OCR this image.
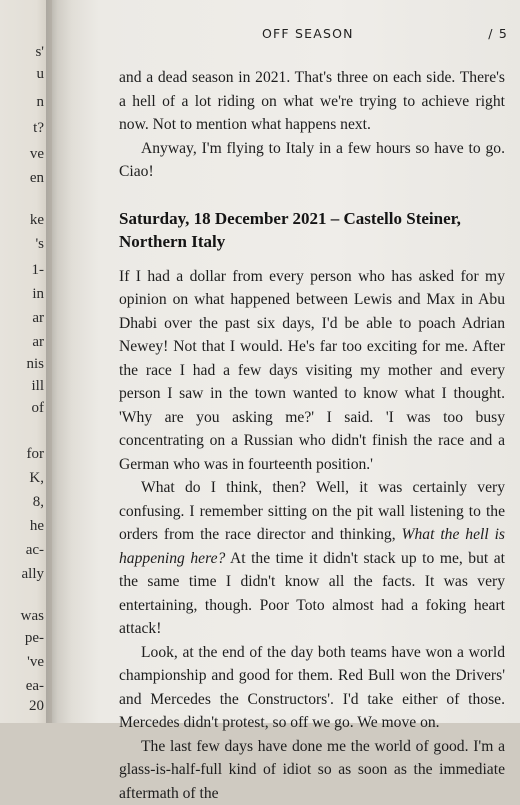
s'
u
n
t?
ve
en
ke
's
1-
in
ar
ar
nis
ill
of
for
K,
8,
he
ac-
ally
was
pe-
've
ea-
20
OFF SEASON	/ 5

and a dead season in 2021. That's three on each side. There's a hell of a lot riding on what we're trying to achieve right now. Not to mention what happens next.

Anyway, I'm flying to Italy in a few hours so have to go. Ciao!

Saturday, 18 December 2021 – Castello Steiner, Northern Italy

If I had a dollar from every person who has asked for my opinion on what happened between Lewis and Max in Abu Dhabi over the past six days, I'd be able to poach Adrian Newey! Not that I would. He's far too exciting for me. After the race I had a few days visiting my mother and every person I saw in the town wanted to know what I thought. 'Why are you asking me?' I said. 'I was too busy concentrating on a Russian who didn't finish the race and a German who was in fourteenth position.'

What do I think, then? Well, it was certainly very confusing. I remember sitting on the pit wall listening to the orders from the race director and thinking, What the hell is happening here? At the time it didn't stack up to me, but at the same time I didn't know all the facts. It was very entertaining, though. Poor Toto almost had a foking heart attack!

Look, at the end of the day both teams have won a world championship and good for them. Red Bull won the Drivers' and Mercedes the Constructors'. I'd take either of those. Mercedes didn't protest, so off we go. We move on.

The last few days have done me the world of good. I'm a glass-is-half-full kind of idiot so as soon as the immediate aftermath of the
